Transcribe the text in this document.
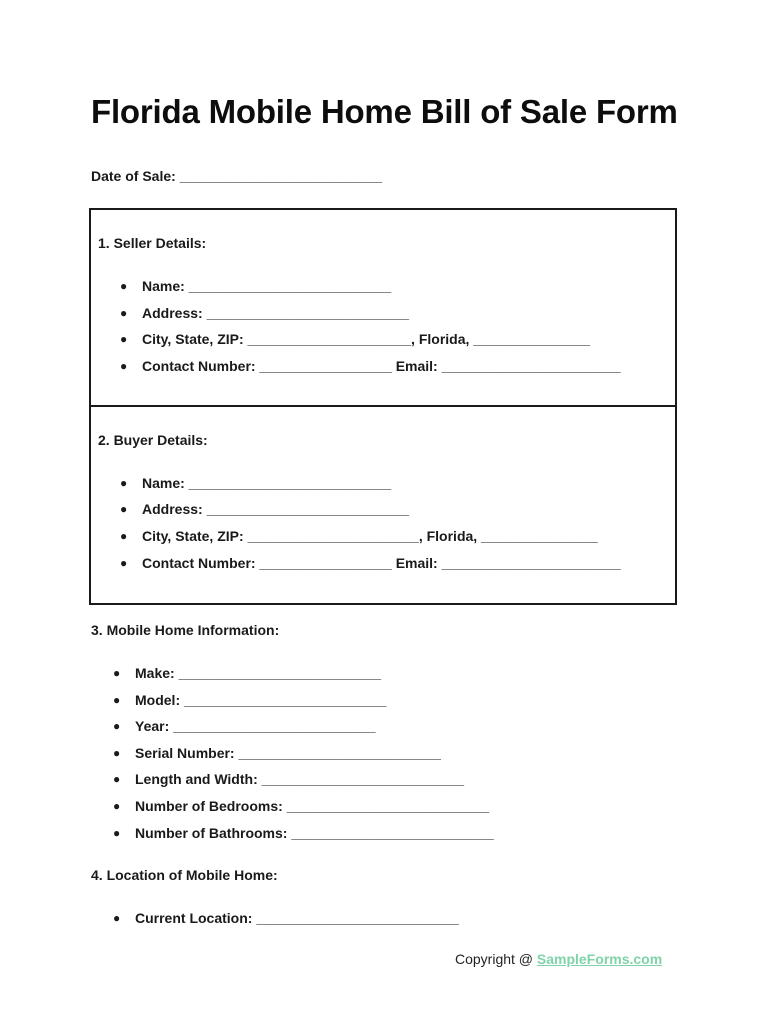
Florida Mobile Home Bill of Sale Form
Date of Sale: __________________________
1. Seller Details:
● Name: __________________________
● Address: __________________________
● City, State, ZIP: _____________________, Florida, _______________
● Contact Number: _________________ Email: _______________________
2. Buyer Details:
● Name: __________________________
● Address: __________________________
● City, State, ZIP: ______________________, Florida, _______________
● Contact Number: _________________ Email: _______________________
3. Mobile Home Information:
● Make: __________________________
● Model: __________________________
● Year: __________________________
● Serial Number: __________________________
● Length and Width: __________________________
● Number of Bedrooms: __________________________
● Number of Bathrooms: __________________________
4. Location of Mobile Home:
● Current Location: __________________________
Copyright @ SampleForms.com
